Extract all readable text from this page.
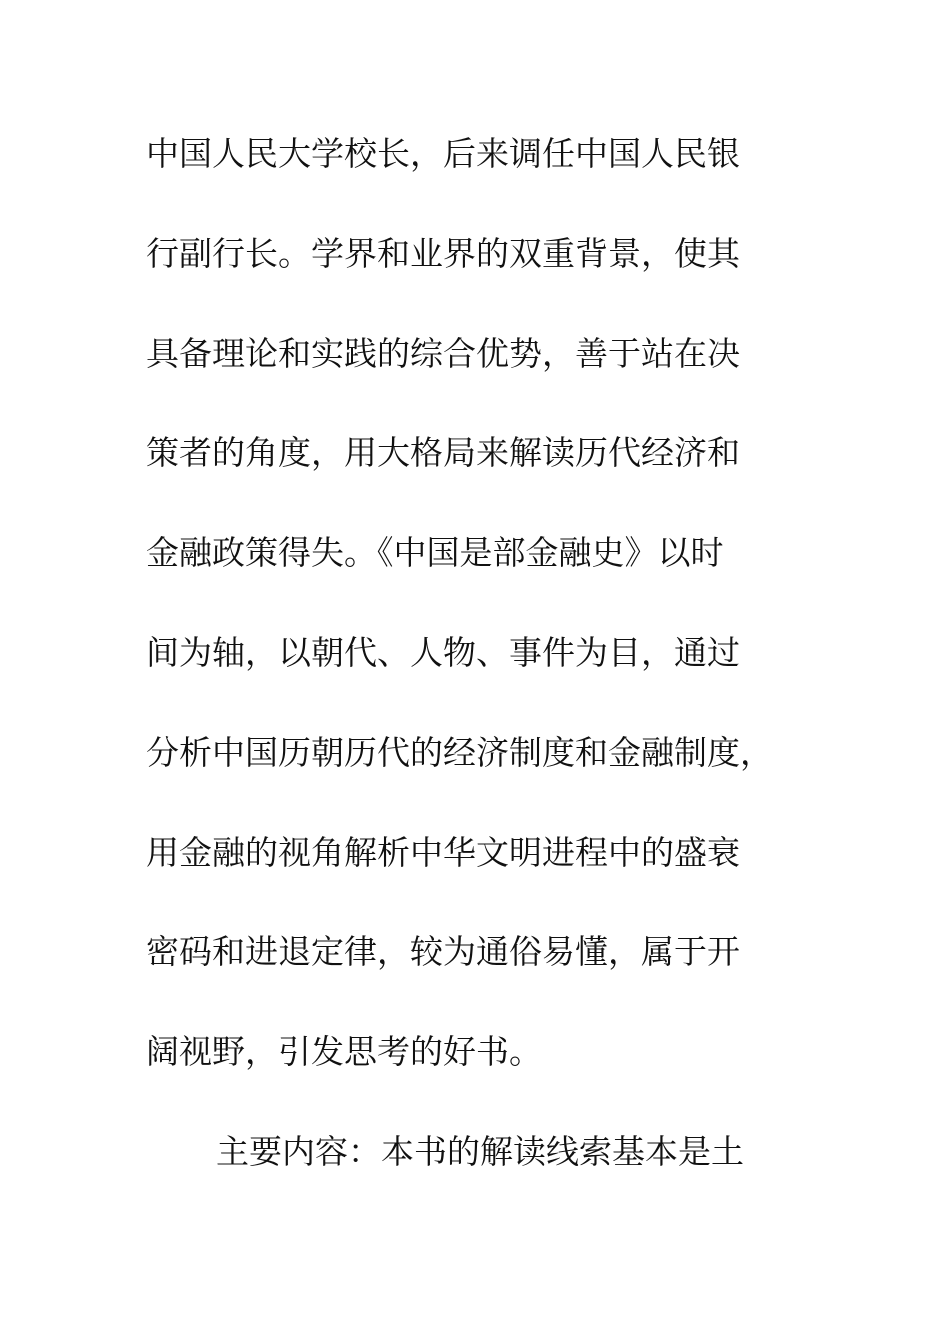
中国人民大学校长，后来调任中国人民银
行副行长。学界和业界的双重背景，使其
具备理论和实践的综合优势，善于站在决
策者的角度，用大格局来解读历代经济和
金融政策得失。《中国是部金融史》以时
间为轴，以朝代、人物、事件为目，通过
分析中国历朝历代的经济制度和金融制度，
用金融的视角解析中华文明进程中的盛衰
密码和进退定律，较为通俗易懂，属于开
阔视野，引发思考的好书。
主要内容：本书的解读线索基本是土
